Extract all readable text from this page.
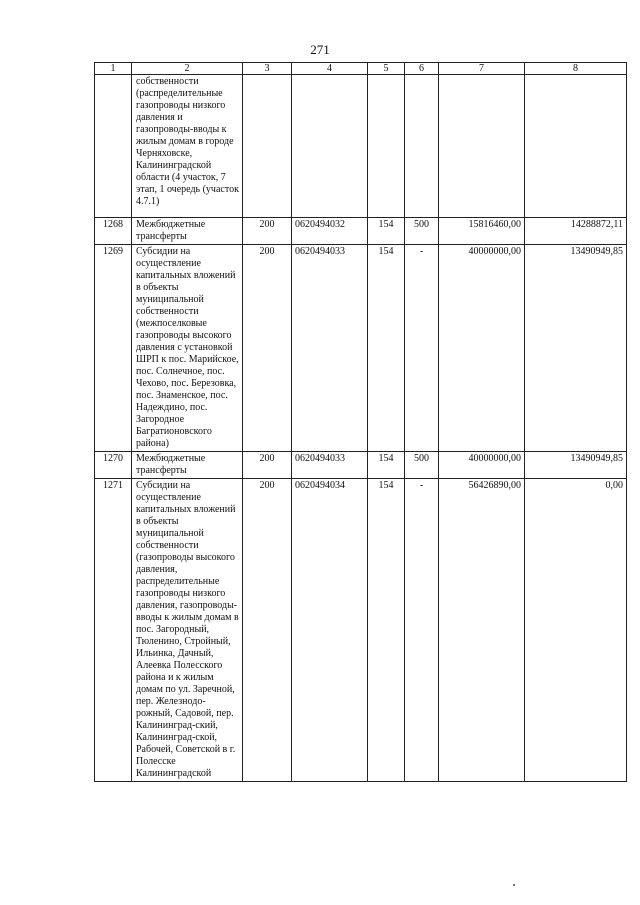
271
1	2	3	4	5	6	7	8
	собственности (распределительные газопроводы низкого давления и газопроводы-вводы к жилым домам в городе Черняховске, Калининградской области (4 участок, 7 этап, 1 очередь (участок 4.7.1)						
1268	Межбюджетные трансферты	200	0620494032	154	500	15816460,00	14288872,11
1269	Субсидии на осуществление капитальных вложений в объекты муниципальной собственности (межпоселковые газопроводы высокого давления с установкой ШРП к пос. Марийское, пос. Солнечное, пос. Чехово, пос. Березовка, пос. Знаменское, пос. Надеждино, пос. Загородное Багратионовского района)	200	0620494033	154	-	40000000,00	13490949,85
1270	Межбюджетные трансферты	200	0620494033	154	500	40000000,00	13490949,85
1271	Субсидии на осуществление капитальных вложений в объекты муниципальной собственности (газопроводы высокого давления, распределительные газопроводы низкого давления, газопроводы-вводы к жилым домам в пос. Загородный, Тюленино, Стройный, Ильинка, Дачный, Алеевка Полесского района и к жилым домам по ул. Заречной, пер. Железнодо-рожный, Садовой, пер. Калининград-ский, Калининград-ской, Рабочей, Советской в г. Полесске Калининградской	200	0620494034	154	-	56426890,00	0,00
